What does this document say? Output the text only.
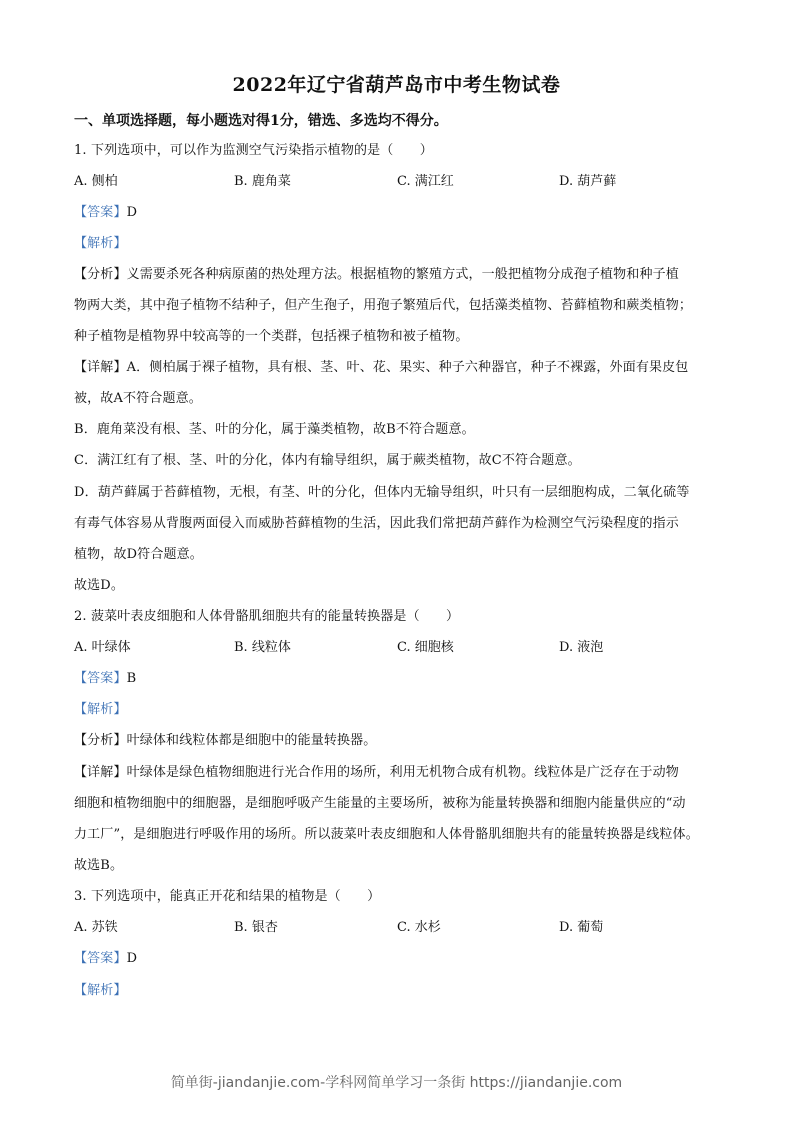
2022年辽宁省葫芦岛市中考生物试卷
一、单项选择题，每小题选对得1分，错选、多选均不得分。
1. 下列选项中，可以作为监测空气污染指示植物的是（　　）
A. 侧柏	B. 鹿角菜	C. 满江红	D. 葫芦藓
【答案】D
【解析】
【分析】义需要杀死各种病原菌的热处理方法。根据植物的繁殖方式，一般把植物分成孢子植物和种子植
物两大类，其中孢子植物不结种子，但产生孢子，用孢子繁殖后代，包括藻类植物、苔藓植物和蕨类植物；
种子植物是植物界中较高等的一个类群，包括裸子植物和被子植物。
【详解】A．侧柏属于裸子植物，具有根、茎、叶、花、果实、种子六种器官，种子不裸露，外面有果皮包
被，故A不符合题意。
B．鹿角菜没有根、茎、叶的分化，属于藻类植物，故B不符合题意。
C．满江红有了根、茎、叶的分化，体内有输导组织，属于蕨类植物，故C不符合题意。
D．葫芦藓属于苔藓植物，无根，有茎、叶的分化，但体内无输导组织，叶只有一层细胞构成，二氧化硫等
有毒气体容易从背腹两面侵入而威胁苔藓植物的生活，因此我们常把葫芦藓作为检测空气污染程度的指示
植物，故D符合题意。
故选D。
2. 菠菜叶表皮细胞和人体骨骼肌细胞共有的能量转换器是（　　）
A. 叶绿体	B. 线粒体	C. 细胞核	D. 液泡
【答案】B
【解析】
【分析】叶绿体和线粒体都是细胞中的能量转换器。
【详解】叶绿体是绿色植物细胞进行光合作用的场所，利用无机物合成有机物。线粒体是广泛存在于动物
细胞和植物细胞中的细胞器，是细胞呼吸产生能量的主要场所，被称为能量转换器和细胞内能量供应的“动
力工厂”，是细胞进行呼吸作用的场所。所以菠菜叶表皮细胞和人体骨骼肌细胞共有的能量转换器是线粒体。
故选B。
3. 下列选项中，能真正开花和结果的植物是（　　）
A. 苏铁	B. 银杏	C. 水杉	D. 葡萄
【答案】D
【解析】
简单街-jiandanjie.com-学科网简单学习一条街 https://jiandanjie.com
